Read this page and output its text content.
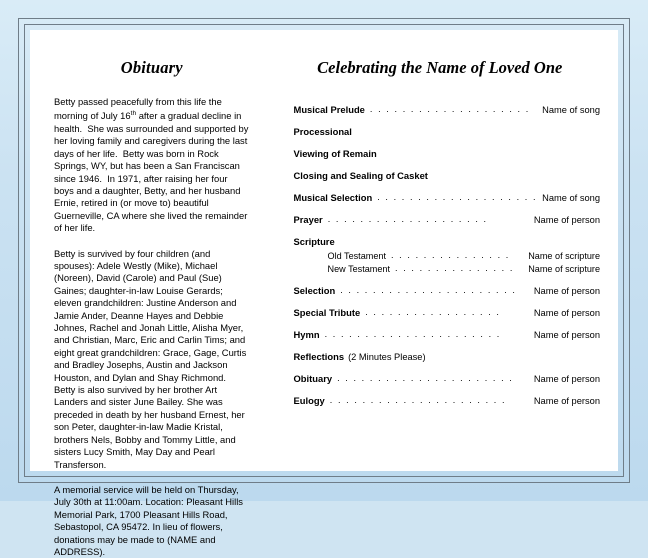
Obituary

Betty passed peacefully from this life the morning of July 16th after a gradual decline in health.  She was surrounded and supported by her loving family and caregivers during the last days of her life.  Betty was born in Rock Springs, WY, but has been a San Franciscan since 1946.  In 1971, after raising her four boys and a daughter, Betty, and her husband Ernie, retired in (or move to) beautiful Guerneville, CA where she lived the remainder of her life.

Betty is survived by four children (and spouses): Adele Westly (Mike), Michael (Noreen), David (Carole) and Paul (Sue) Gaines; daughter-in-law Louise Gerards; eleven grandchildren: Justine Anderson and Jamie Ander, Deanne Hayes and Debbie Johnes, Rachel and Jonah Little, Alisha Myer, and Christian, Marc, Eric and Carlin Tims; and eight great grandchildren: Grace, Gage, Curtis and Bradley Josephs, Austin and Jackson Houston, and Dylan and Shay Richmond. Betty is also survived by her brother Art Landers and sister June Bailey. She was preceded in death by her husband Ernest, her son Peter, daughter-in-law Madie Kristal, brothers Nels, Bobby and Tommy Little, and sisters Lucy Smith, May Day and Pearl Transferson.

A memorial service will be held on Thursday, July 30th at 11:00am. Location: Pleasant Hills Memorial Park, 1700 Pleasant Hills Road, Sebastopol, CA 95472. In lieu of flowers, donations may be made to (NAME and ADDRESS).

Celebrating the Name of Loved One
Musical Prelude . . . . . . . . . . . . . . . . . . . .	Name of song
Processional
Viewing of Remain
Closing and Sealing of Casket
Musical Selection . . . . . . . . . . . . . . . . . . . . Name of song
Prayer . . . . . . . . . . . . . . . . . . . .	Name of person
Scripture
Old Testament . . . . . . . . . . . . . . .	Name of scripture
New Testament . . . . . . . . . . . . . . .	Name of scripture
Selection . . . . . . . . . . . . . . . . . . . . . .	Name of person
Special Tribute . . . . . . . . . . . . . . . . .	Name of person
Hymn . . . . . . . . . . . . . . . . . . . . . .	Name of person
Reflections (2 Minutes Please)
Obituary . . . . . . . . . . . . . . . . . . . . . .	Name of person
Eulogy . . . . . . . . . . . . . . . . . . . . . .	Name of person
